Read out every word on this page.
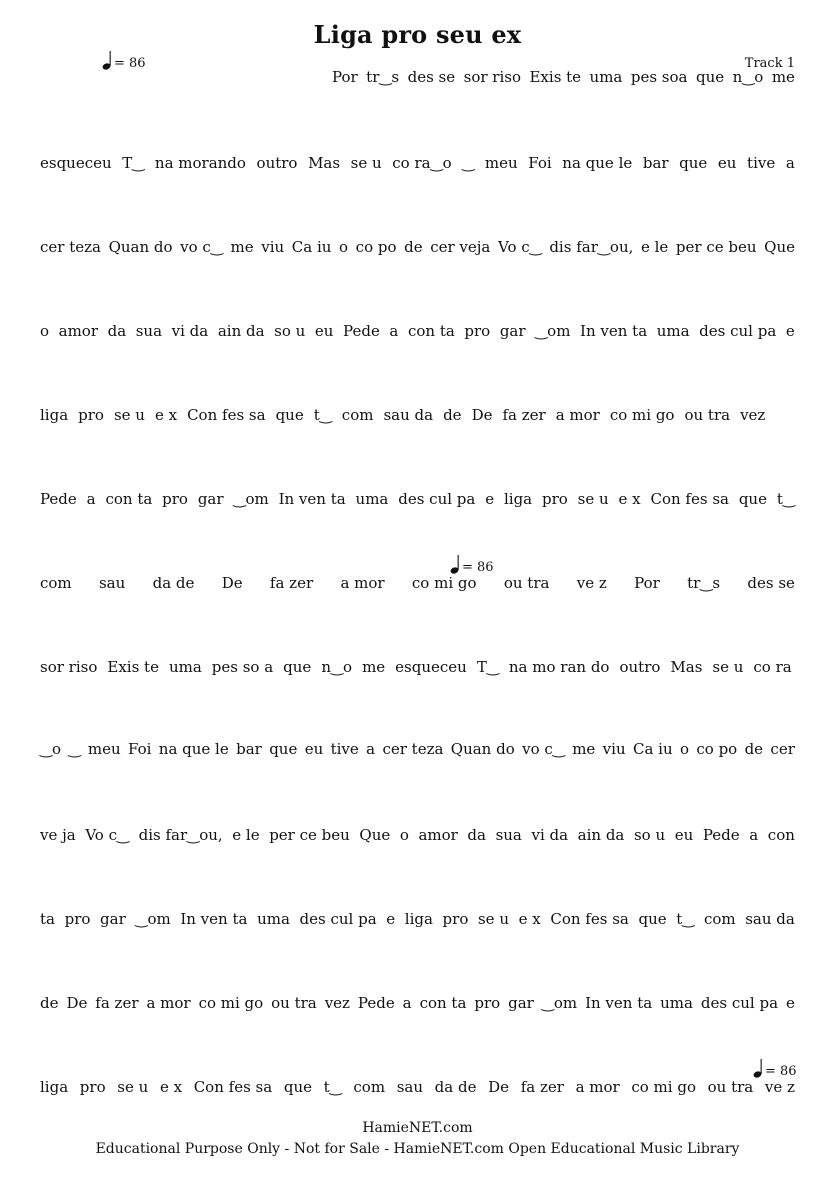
Liga pro seu ex
Track 1
= 86
= 86
= 86
Por tr‿s des se sor riso Exis te uma pes soa que n‿o me
esqueceu T‿ na morando outro Mas se u co ra‿o ‿ meu Foi na que le bar que eu tive a
cer teza Quan do vo c‿ me viu Ca iu o co po de cer veja Vo c‿ dis far‿ou, e le per ce beu Que
o amor da sua vi da ain da so u eu Pede a con ta pro gar ‿om In ven ta uma des cul pa e
liga pro se u e x Con fes sa que t‿ com sau da de De fa zer a mor co mi go ou tra vez
Pede a con ta pro gar ‿om In ven ta uma des cul pa e liga pro se u e x Con fes sa que t‿
com sau da de De fa zer a mor co mi go ou tra ve z Por tr‿s des se
sor riso Exis te uma pes so a que n‿o me esqueceu T‿ na mo ran do outro Mas se u co ra
‿o ‿ meu Foi na que le bar que eu tive a cer teza Quan do vo c‿ me viu Ca iu o co po de cer
ve ja Vo c‿ dis far‿ou, e le per ce beu Que o amor da sua vi da ain da so u eu Pede a con
ta pro gar ‿om In ven ta uma des cul pa e liga pro se u e x Con fes sa que t‿ com sau da
de De fa zer a mor co mi go ou tra vez Pede a con ta pro gar ‿om In ven ta uma des cul pa e
liga pro se u e x Con fes sa que t‿ com sau da de De fa zer a mor co mi go ou tra ve z
HamieNET.com
Educational Purpose Only - Not for Sale - HamieNET.com Open Educational Music Library
